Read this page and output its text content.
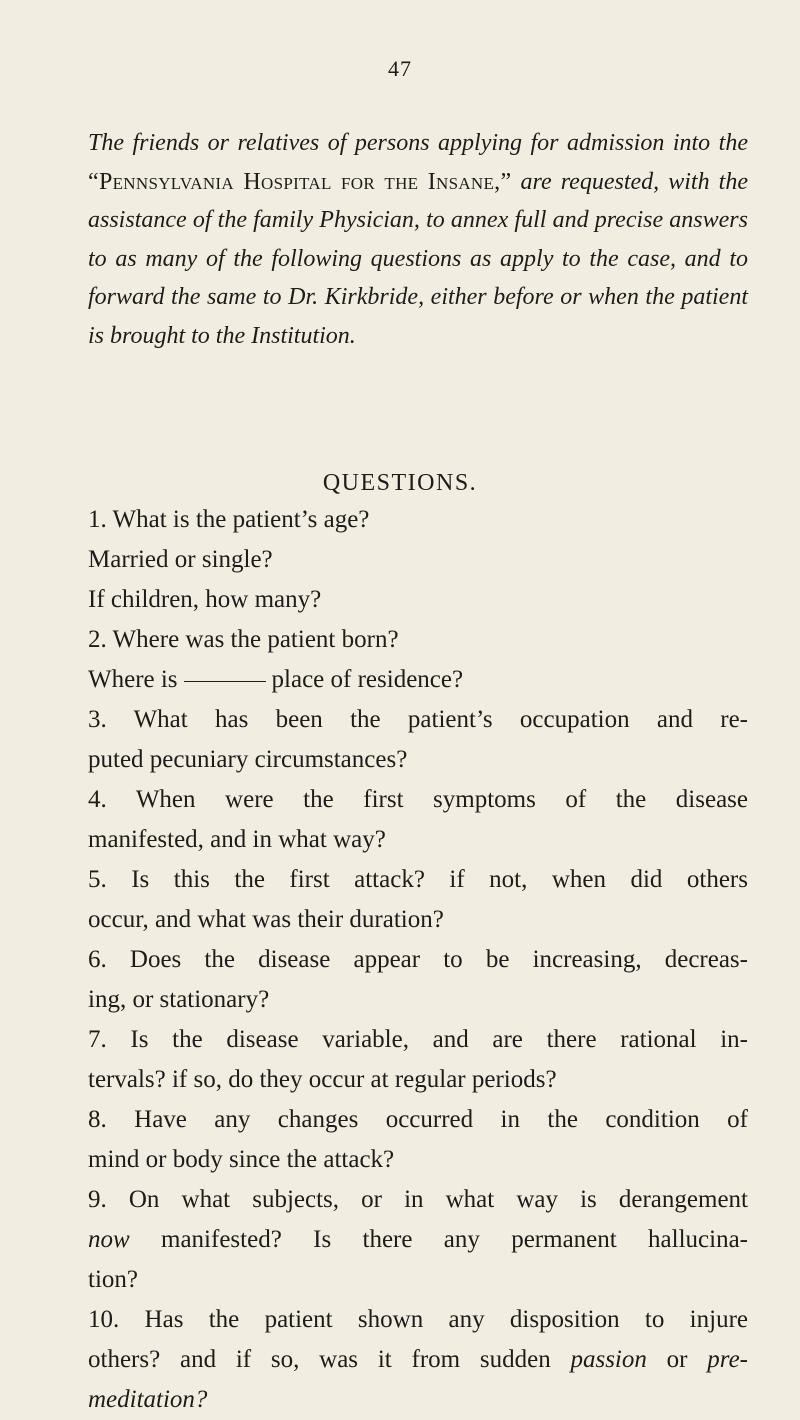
47
The friends or relatives of persons applying for admission into the “Pennsylvania Hospital for the Insane,” are requested, with the assistance of the family Physician, to annex full and precise answers to as many of the following questions as apply to the case, and to forward the same to Dr. Kirkbride, either before or when the patient is brought to the Institution.
QUESTIONS.
1. What is the patient’s age?
Married or single?
If children, how many?
2. Where was the patient born?
Where is	place of residence?
3. What has been the patient’s occupation and re-
puted pecuniary circumstances?
4. When were the first symptoms of the disease
manifested, and in what way?
5. Is this the first attack? if not, when did others
occur, and what was their duration?
6. Does the disease appear to be increasing, decreas-
ing, or stationary?
7. Is the disease variable, and are there rational in-
tervals? if so, do they occur at regular periods?
8. Have any changes occurred in the condition of
mind or body since the attack?
9. On what subjects, or in what way is derangement
now manifested? Is there any permanent hallucina-
tion?
10. Has the patient shown any disposition to injure
others? and if so, was it from sudden passion or pre-
meditation?
